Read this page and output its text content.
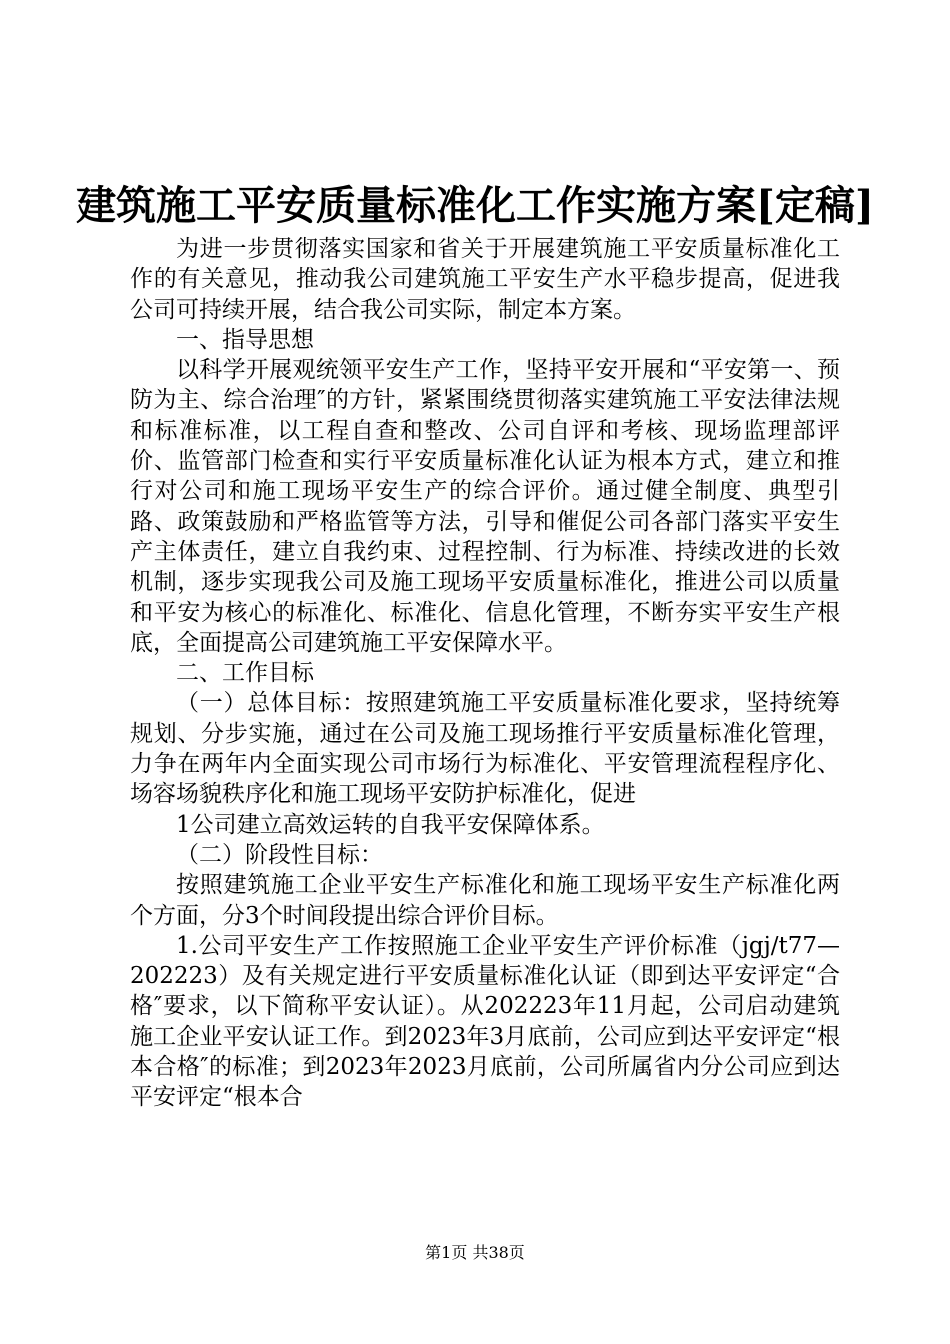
建筑施工平安质量标准化工作实施方案[定稿]

为进一步贯彻落实国家和省关于开展建筑施工平安质量标准化工作的有关意见，推动我公司建筑施工平安生产水平稳步提高，促进我公司可持续开展，结合我公司实际，制定本方案。

一、指导思想

以科学开展观统领平安生产工作，坚持平安开展和“平安第一、预防为主、综合治理″的方针，紧紧围绕贯彻落实建筑施工平安法律法规和标准标准，以工程自查和整改、公司自评和考核、现场监理部评价、监管部门检查和实行平安质量标准化认证为根本方式，建立和推行对公司和施工现场平安生产的综合评价。通过健全制度、典型引路、政策鼓励和严格监管等方法，引导和催促公司各部门落实平安生产主体责任，建立自我约束、过程控制、行为标准、持续改进的长效机制，逐步实现我公司及施工现场平安质量标准化，推进公司以质量和平安为核心的标准化、标准化、信息化管理，不断夯实平安生产根底，全面提高公司建筑施工平安保障水平。

二、工作目标

（一）总体目标：按照建筑施工平安质量标准化要求，坚持统筹规划、分步实施，通过在公司及施工现场推行平安质量标准化管理，力争在两年内全面实现公司市场行为标准化、平安管理流程程序化、场容场貌秩序化和施工现场平安防护标准化，促进

1公司建立高效运转的自我平安保障体系。

（二）阶段性目标：

按照建筑施工企业平安生产标准化和施工现场平安生产标准化两个方面，分3个时间段提出综合评价目标。

1.公司平安生产工作按照施工企业平安生产评价标准（jgj/t77—202223）及有关规定进行平安质量标准化认证（即到达平安评定“合格″要求，以下简称平安认证）。从202223年11月起，公司启动建筑施工企业平安认证工作。到2023年3月底前，公司应到达平安评定“根本合格″的标准；到2023年2023月底前，公司所属省内分公司应到达平安评定“根本合

第1页 共38页
